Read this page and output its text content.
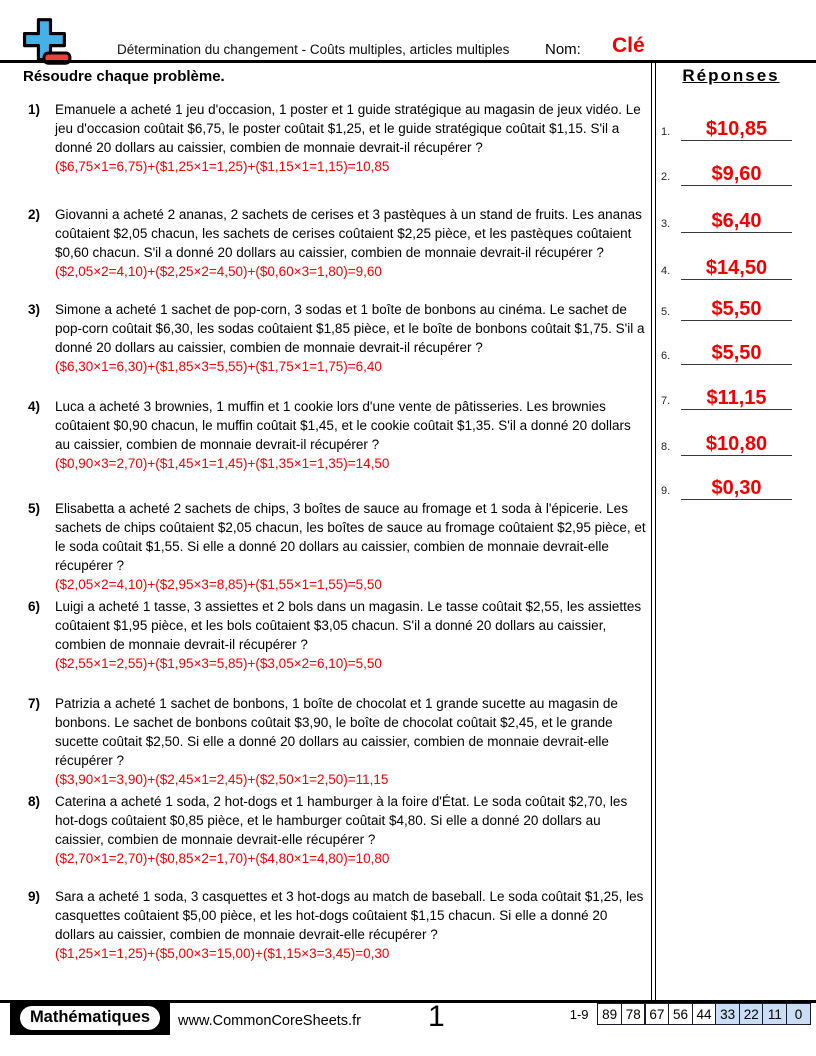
Détermination du changement - Coûts multiples, articles multiples Nom: Clé
Résoudre chaque problème.	Réponses
1. $10,85
2. $9,60
3. $6,40
4. $14,50
5. $5,50
6. $5,50
7. $11,15
8. $10,80
9. $0,30
1)	Emanuele a acheté 1 jeu d'occasion, 1 poster et 1 guide stratégique au magasin de jeux vidéo. Le jeu d'occasion coûtait $6,75, le poster coûtait $1,25, et le guide stratégique coûtait $1,15. S'il a donné 20 dollars au caissier, combien de monnaie devrait-il récupérer ?
($6,75×1=6,75)+($1,25×1=1,25)+($1,15×1=1,15)=10,85
2)	Giovanni a acheté 2 ananas, 2 sachets de cerises et 3 pastèques à un stand de fruits. Les ananas coûtaient $2,05 chacun, les sachets de cerises coûtaient $2,25 pièce, et les pastèques coûtaient $0,60 chacun. S'il a donné 20 dollars au caissier, combien de monnaie devrait-il récupérer ?
($2,05×2=4,10)+($2,25×2=4,50)+($0,60×3=1,80)=9,60
3)	Simone a acheté 1 sachet de pop-corn, 3 sodas et 1 boîte de bonbons au cinéma. Le sachet de pop-corn coûtait $6,30, les sodas coûtaient $1,85 pièce, et le boîte de bonbons coûtait $1,75. S'il a donné 20 dollars au caissier, combien de monnaie devrait-il récupérer ?
($6,30×1=6,30)+($1,85×3=5,55)+($1,75×1=1,75)=6,40
4)	Luca a acheté 3 brownies, 1 muffin et 1 cookie lors d'une vente de pâtisseries. Les brownies coûtaient $0,90 chacun, le muffin coûtait $1,45, et le cookie coûtait $1,35. S'il a donné 20 dollars au caissier, combien de monnaie devrait-il récupérer ?
($0,90×3=2,70)+($1,45×1=1,45)+($1,35×1=1,35)=14,50
5)	Elisabetta a acheté 2 sachets de chips, 3 boîtes de sauce au fromage et 1 soda à l'épicerie. Les sachets de chips coûtaient $2,05 chacun, les boîtes de sauce au fromage coûtaient $2,95 pièce, et le soda coûtait $1,55. Si elle a donné 20 dollars au caissier, combien de monnaie devrait-elle récupérer ?
($2,05×2=4,10)+($2,95×3=8,85)+($1,55×1=1,55)=5,50
6)	Luigi a acheté 1 tasse, 3 assiettes et 2 bols dans un magasin. Le tasse coûtait $2,55, les assiettes coûtaient $1,95 pièce, et les bols coûtaient $3,05 chacun. S'il a donné 20 dollars au caissier, combien de monnaie devrait-il récupérer ?
($2,55×1=2,55)+($1,95×3=5,85)+($3,05×2=6,10)=5,50
7)	Patrizia a acheté 1 sachet de bonbons, 1 boîte de chocolat et 1 grande sucette au magasin de bonbons. Le sachet de bonbons coûtait $3,90, le boîte de chocolat coûtait $2,45, et le grande sucette coûtait $2,50. Si elle a donné 20 dollars au caissier, combien de monnaie devrait-elle récupérer ?
($3,90×1=3,90)+($2,45×1=2,45)+($2,50×1=2,50)=11,15
8)	Caterina a acheté 1 soda, 2 hot-dogs et 1 hamburger à la foire d'État. Le soda coûtait $2,70, les hot-dogs coûtaient $0,85 pièce, et le hamburger coûtait $4,80. Si elle a donné 20 dollars au caissier, combien de monnaie devrait-elle récupérer ?
($2,70×1=2,70)+($0,85×2=1,70)+($4,80×1=4,80)=10,80
9)	Sara a acheté 1 soda, 3 casquettes et 3 hot-dogs au match de baseball. Le soda coûtait $1,25, les casquettes coûtaient $5,00 pièce, et les hot-dogs coûtaient $1,15 chacun. Si elle a donné 20 dollars au caissier, combien de monnaie devrait-elle récupérer ?
($1,25×1=1,25)+($5,00×3=15,00)+($1,15×3=3,45)=0,30
Mathématiques	www.CommonCoreSheets.fr 1	1-9	89 78 67 56 44 33 22 11 0
